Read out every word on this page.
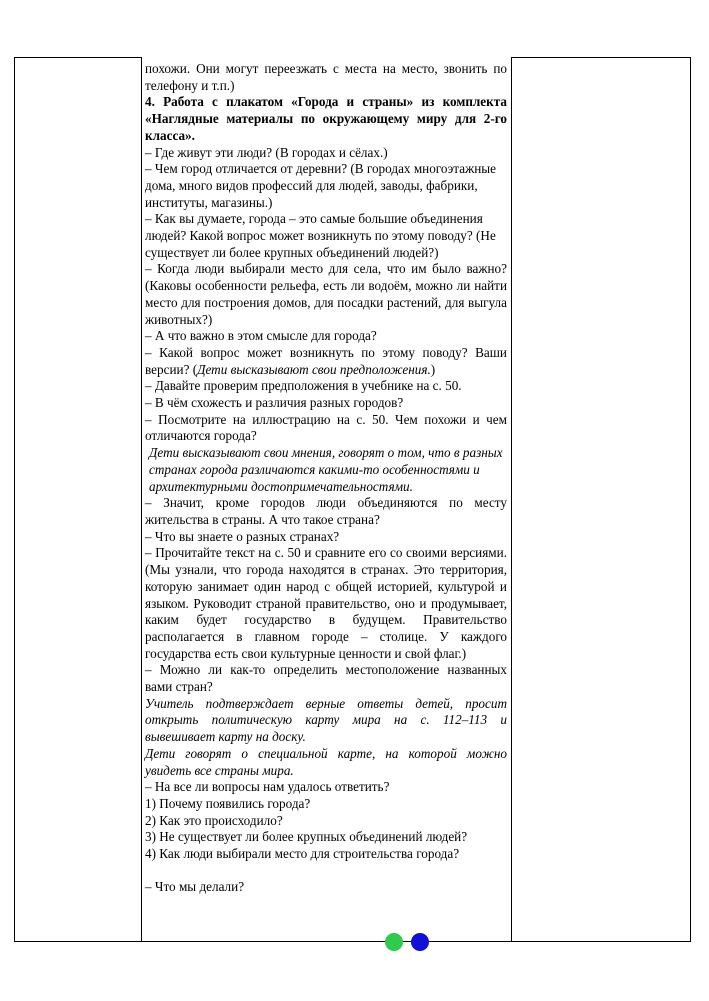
похожи. Они могут переезжать с места на место, звонить по телефону и т.п.)

4. Работа с плакатом «Города и страны» из комплекта «Наглядные материалы по окружающему миру для 2-го класса».

– Где живут эти люди? (В городах и сёлах.)

– Чем город отличается от деревни? (В городах многоэтажные дома, много видов профессий для людей, заводы, фабрики, институты, магазины.)

– Как вы думаете, города – это самые большие объединения людей? Какой вопрос может возникнуть по этому поводу? (Не существует ли более крупных объединений людей?)

– Когда люди выбирали место для села, что им было важно? (Каковы особенности рельефа, есть ли водоём, можно ли найти место для построения домов, для посадки растений, для выгула животных?)

– А что важно в этом смысле для города?

– Какой вопрос может возникнуть по этому поводу? Ваши версии? (Дети высказывают свои предположения.)

– Давайте проверим предположения в учебнике на с. 50.

– В чём схожесть и различия разных городов?

– Посмотрите на иллюстрацию на с. 50. Чем похожи и чем отличаются города?

Дети высказывают свои мнения, говорят о том, что в разных странах города различаются какими-то особенностями и архитектурными достопримечательностями.

– Значит, кроме городов люди объединяются по месту жительства в страны. А что такое страна?

– Что вы знаете о разных странах?

– Прочитайте текст на с. 50 и сравните его со своими версиями. (Мы узнали, что города находятся в странах. Это территория, которую занимает один народ с общей историей, культурой и языком. Руководит страной правительство, оно и продумывает, каким будет государство в будущем. Правительство располагается в главном городе – столице. У каждого государства есть свои культурные ценности и свой флаг.)

– Можно ли как-то определить местоположение названных вами стран?

Учитель подтверждает верные ответы детей, просит открыть политическую карту мира на с. 112–113 и вывешивает карту на доску.

Дети говорят о специальной карте, на которой можно увидеть все страны мира.

– На все ли вопросы нам удалось ответить?

1) Почему появились города?

2) Как это происходило?

3) Не существует ли более крупных объединений людей?

4) Как люди выбирали место для строительства города?

– Что мы делали?
